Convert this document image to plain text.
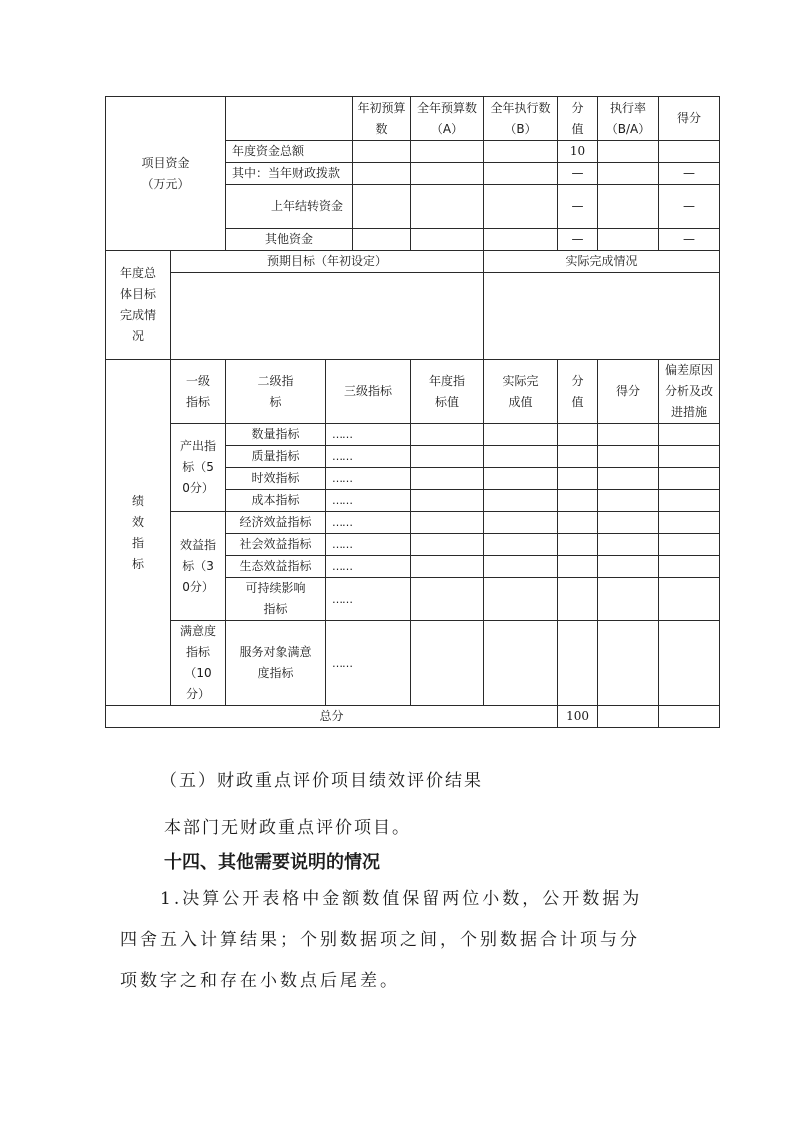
项目资金（万元）				年初预算数	全年预算数（A）	全年执行数（B）	分值	执行率（B/A）	得分
		年度资金总额					10		
		其中：当年财政拨款					—		—
		上年结转资金					—		—
		其他资金					—		—
年度总体目标完成情况	预期目标（年初设定）					实际完成情况			

绩效指标	一级指标	二级指标	三级指标		年度指标值	实际完成值	分值	得分	偏差原因分析及改进措施
	产出指标（50分）	数量指标	……						
		质量指标	……						
		时效指标	……						
		成本指标	……						
	效益指标（30分）	经济效益指标	……						
		社会效益指标	……						
		生态效益指标	……						
		可持续影响指标	……						
	满意度指标（10分）	服务对象满意度指标	……						
总分							100		
（五）财政重点评价项目绩效评价结果
本部门无财政重点评价项目。
十四、其他需要说明的情况
1.决算公开表格中金额数值保留两位小数，公开数据为
四舍五入计算结果；个别数据项之间，个别数据合计项与分
项数字之和存在小数点后尾差。
